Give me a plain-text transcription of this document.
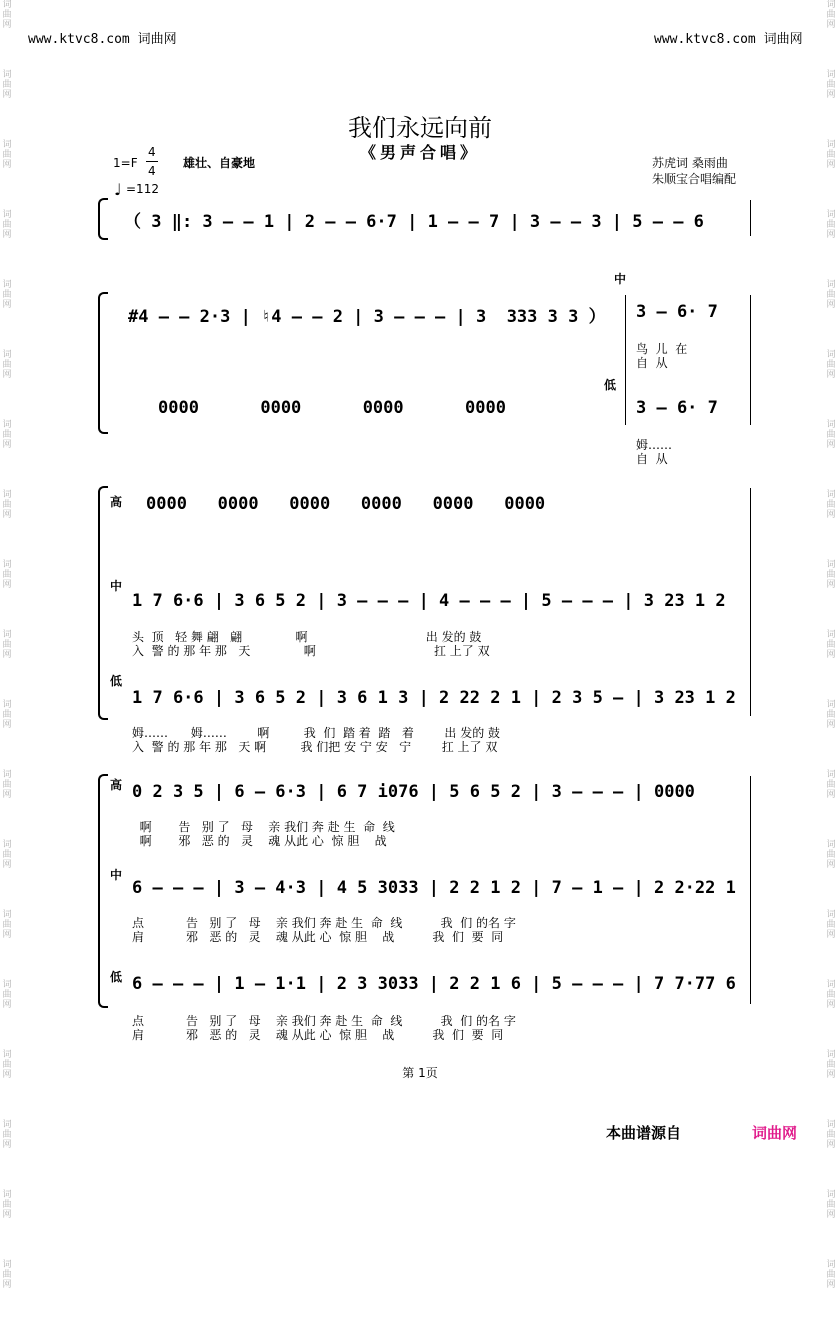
词
曲
网
词
曲
网
词
曲
网
词
曲
网
词
曲
网
词
曲
网
词
曲
网
词
曲
网
词
曲
网
词
曲
网
词
曲
网
词
曲
网
词
曲
网
词
曲
网
词
曲
网
词
曲
网
词
曲
网
词
曲
网
词
曲
网
词
曲
网
词
曲
网
词
曲
网
词
曲
网
词
曲
网
词
曲
网
词
曲
网
词
曲
网
词
曲
网
词
曲
网
词
曲
网
词
曲
网
词
曲
网
词
曲
网
词
曲
网
词
曲
网
词
曲
网
词
曲
网
词
曲
网
www.ktvc8.com 词曲网	www.ktvc8.com 词曲网
我们永远向前
《男声合唱》
1=F
4
4
♩ =112
雄壮、自豪地	苏虎词 桑雨曲
朱顺宝合唱编配
（ 3 ‖: 3 – – 1 | 2 – – 6·7 | 1 – – 7 | 3 – – 3 | 5 – – 6
中
#4 – – 2·3 | ♮4 – – 2 | 3 – – – | 3  333 3 3 ） 3 – 6· 7
鸟  儿  在
自  从
低
0000      0000      0000      0000	3 – 6· 7
姆……
自  从
高 0000   0000   0000   0000   0000   0000
中
1 7 6·6 | 3 6 5 2 | 3 – – – | 4 – – – | 5 – – – | 3 23 1 2
头  顶   轻 舞 翩   翩              啊                               出 发的 鼓
入  警 的 那 年 那   天              啊                               扛 上了 双
低
1 7 6·6 | 3 6 5 2 | 3 6 1 3 | 2 22 2 1 | 2 3 5 – | 3 23 1 2
姆……      姆……        啊         我  们  踏 着  踏   着        出 发的 鼓
入  警 的 那 年 那   天 啊         我 们把 安 宁 安   宁        扛 上了 双
高 0 2 3 5 | 6 – 6·3 | 6 7 i076 | 5 6 5 2 | 3 – – – | 0000
啊       告   别 了   母    亲 我们 奔 赴 生  命  线
啊       邪   恶 的   灵    魂 从此 心  惊 胆    战
中
6 – – – | 3 – 4·3 | 4 5 3033 | 2 2 1 2 | 7 – 1 – | 2 2·22 1
点           告   别 了   母    亲 我们 奔 赴 生  命  线          我  们 的名 字
肩           邪   恶 的   灵    魂 从此 心  惊 胆    战          我  们  要  同
低 6 – – – | 1 – 1·1 | 2 3 3033 | 2 2 1 6 | 5 – – – | 7 7·77 6
点           告   别 了   母    亲 我们 奔 赴 生  命  线          我  们 的名 字
肩           邪   恶 的   灵    魂 从此 心  惊 胆    战          我  们  要  同
第 1页
本曲谱源自	词曲网
